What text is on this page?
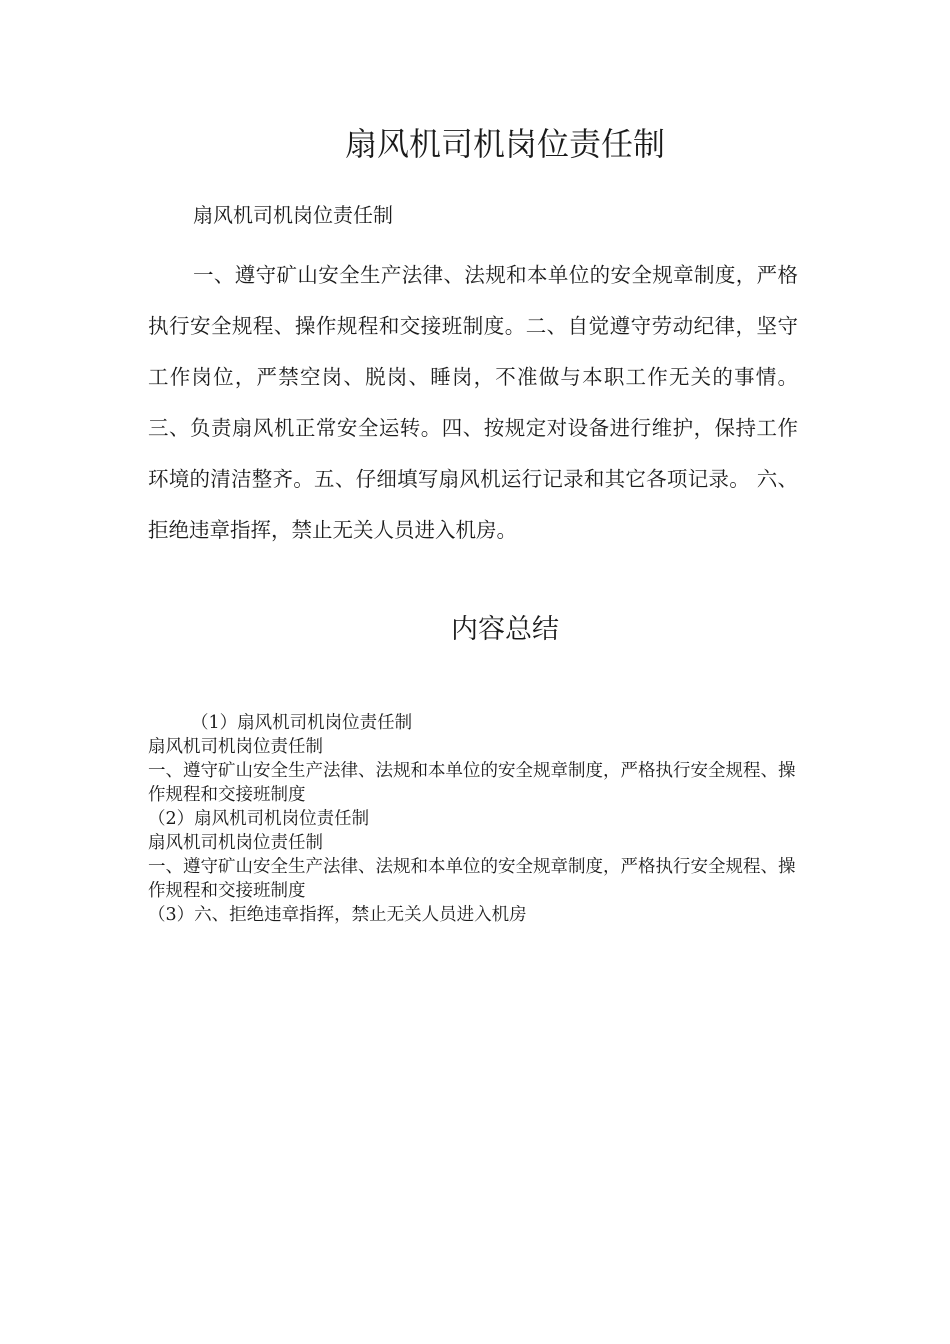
扇风机司机岗位责任制

扇风机司机岗位责任制

一、遵守矿山安全生产法律、法规和本单位的安全规章制度，严格执行安全规程、操作规程和交接班制度。二、自觉遵守劳动纪律，坚守工作岗位，严禁空岗、脱岗、睡岗，不准做与本职工作无关的事情。三、负责扇风机正常安全运转。四、按规定对设备进行维护，保持工作环境的清洁整齐。五、仔细填写扇风机运行记录和其它各项记录。 六、拒绝违章指挥，禁止无关人员进入机房。

内容总结
（1）扇风机司机岗位责任制
扇风机司机岗位责任制
一、遵守矿山安全生产法律、法规和本单位的安全规章制度，严格执行安全规程、操作规程和交接班制度
（2）扇风机司机岗位责任制
扇风机司机岗位责任制
一、遵守矿山安全生产法律、法规和本单位的安全规章制度，严格执行安全规程、操作规程和交接班制度
（3）六、拒绝违章指挥，禁止无关人员进入机房
